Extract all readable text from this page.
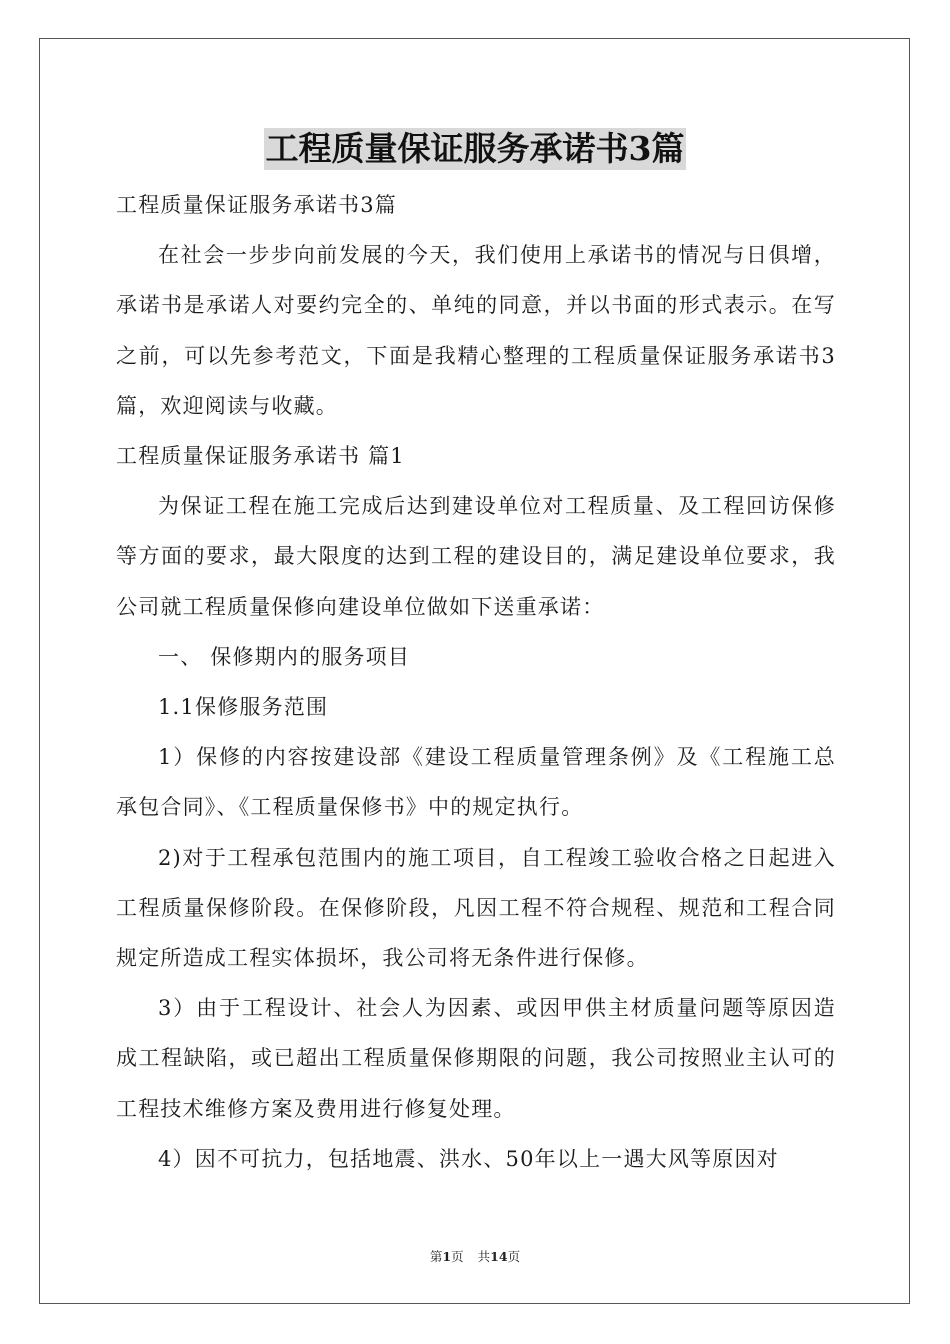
工程质量保证服务承诺书3篇

工程质量保证服务承诺书3篇

在社会一步步向前发展的今天，我们使用上承诺书的情况与日俱增，承诺书是承诺人对要约完全的、单纯的同意，并以书面的形式表示。在写之前，可以先参考范文，下面是我精心整理的工程质量保证服务承诺书3篇，欢迎阅读与收藏。

工程质量保证服务承诺书 篇1

为保证工程在施工完成后达到建设单位对工程质量、及工程回访保修等方面的要求，最大限度的达到工程的建设目的，满足建设单位要求，我公司就工程质量保修向建设单位做如下送重承诺：

一、 保修期内的服务项目

1.1保修服务范围

1）保修的内容按建设部《建设工程质量管理条例》及《工程施工总承包合同》、《工程质量保修书》中的规定执行。

2)对于工程承包范围内的施工项目，自工程竣工验收合格之日起进入工程质量保修阶段。在保修阶段，凡因工程不符合规程、规范和工程合同规定所造成工程实体损坏，我公司将无条件进行保修。

3）由于工程设计、社会人为因素、或因甲供主材质量问题等原因造成工程缺陷，或已超出工程质量保修期限的问题，我公司按照业主认可的工程技术维修方案及费用进行修复处理。

4）因不可抗力，包括地震、洪水、50年以上一遇大风等原因对

第1页 共14页
